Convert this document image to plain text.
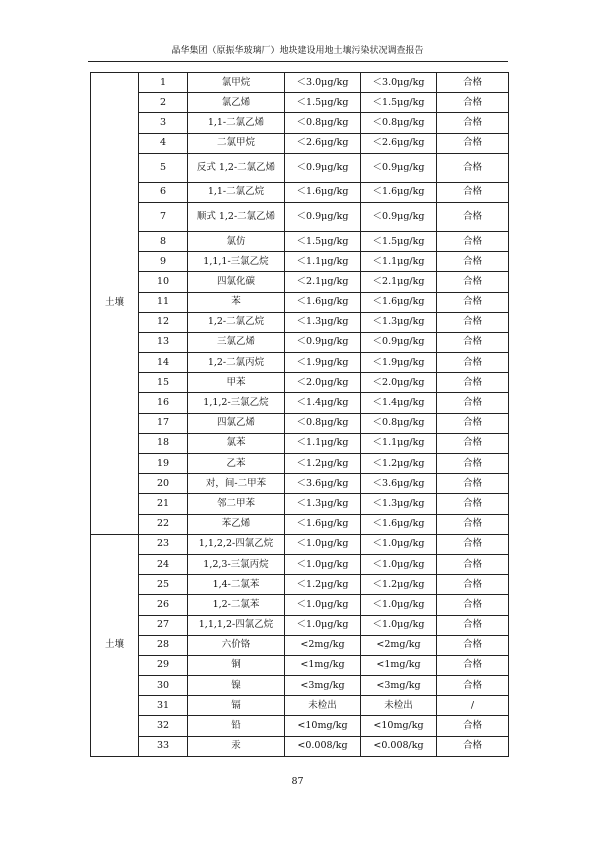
晶华集团（原振华玻璃厂）地块建设用地土壤污染状况调查报告
土壤	1	氯甲烷	＜3.0μg/kg	＜3.0μg/kg	合格
	2	氯乙烯	＜1.5μg/kg	＜1.5μg/kg	合格
	3	1,1-二氯乙烯	＜0.8μg/kg	＜0.8μg/kg	合格
	4	二氯甲烷	＜2.6μg/kg	＜2.6μg/kg	合格
	5	反式 1,2-二氯乙烯	＜0.9μg/kg	＜0.9μg/kg	合格
	6	1,1-二氯乙烷	＜1.6μg/kg	＜1.6μg/kg	合格
	7	顺式 1,2-二氯乙烯	＜0.9μg/kg	＜0.9μg/kg	合格
	8	氯仿	＜1.5μg/kg	＜1.5μg/kg	合格
	9	1,1,1-三氯乙烷	＜1.1μg/kg	＜1.1μg/kg	合格
	10	四氯化碳	＜2.1μg/kg	＜2.1μg/kg	合格
	11	苯	＜1.6μg/kg	＜1.6μg/kg	合格
	12	1,2-二氯乙烷	＜1.3μg/kg	＜1.3μg/kg	合格
	13	三氯乙烯	＜0.9μg/kg	＜0.9μg/kg	合格
	14	1,2-二氯丙烷	＜1.9μg/kg	＜1.9μg/kg	合格
	15	甲苯	＜2.0μg/kg	＜2.0μg/kg	合格
	16	1,1,2-三氯乙烷	＜1.4μg/kg	＜1.4μg/kg	合格
	17	四氯乙烯	＜0.8μg/kg	＜0.8μg/kg	合格
	18	氯苯	＜1.1μg/kg	＜1.1μg/kg	合格
	19	乙苯	＜1.2μg/kg	＜1.2μg/kg	合格
	20	对，间-二甲苯	＜3.6μg/kg	＜3.6μg/kg	合格
	21	邻二甲苯	＜1.3μg/kg	＜1.3μg/kg	合格
	22	苯乙烯	＜1.6μg/kg	＜1.6μg/kg	合格
土壤	23	1,1,2,2-四氯乙烷	＜1.0μg/kg	＜1.0μg/kg	合格
	24	1,2,3-三氯丙烷	＜1.0μg/kg	＜1.0μg/kg	合格
	25	1,4-二氯苯	＜1.2μg/kg	＜1.2μg/kg	合格
	26	1,2-二氯苯	＜1.0μg/kg	＜1.0μg/kg	合格
	27	1,1,1,2-四氯乙烷	＜1.0μg/kg	＜1.0μg/kg	合格
	28	六价铬	<2mg/kg	<2mg/kg	合格
	29	铜	<1mg/kg	<1mg/kg	合格
	30	镍	<3mg/kg	<3mg/kg	合格
	31	镉	未检出	未检出	/
	32	铅	<10mg/kg	<10mg/kg	合格
	33	汞	<0.008/kg	<0.008/kg	合格
87
